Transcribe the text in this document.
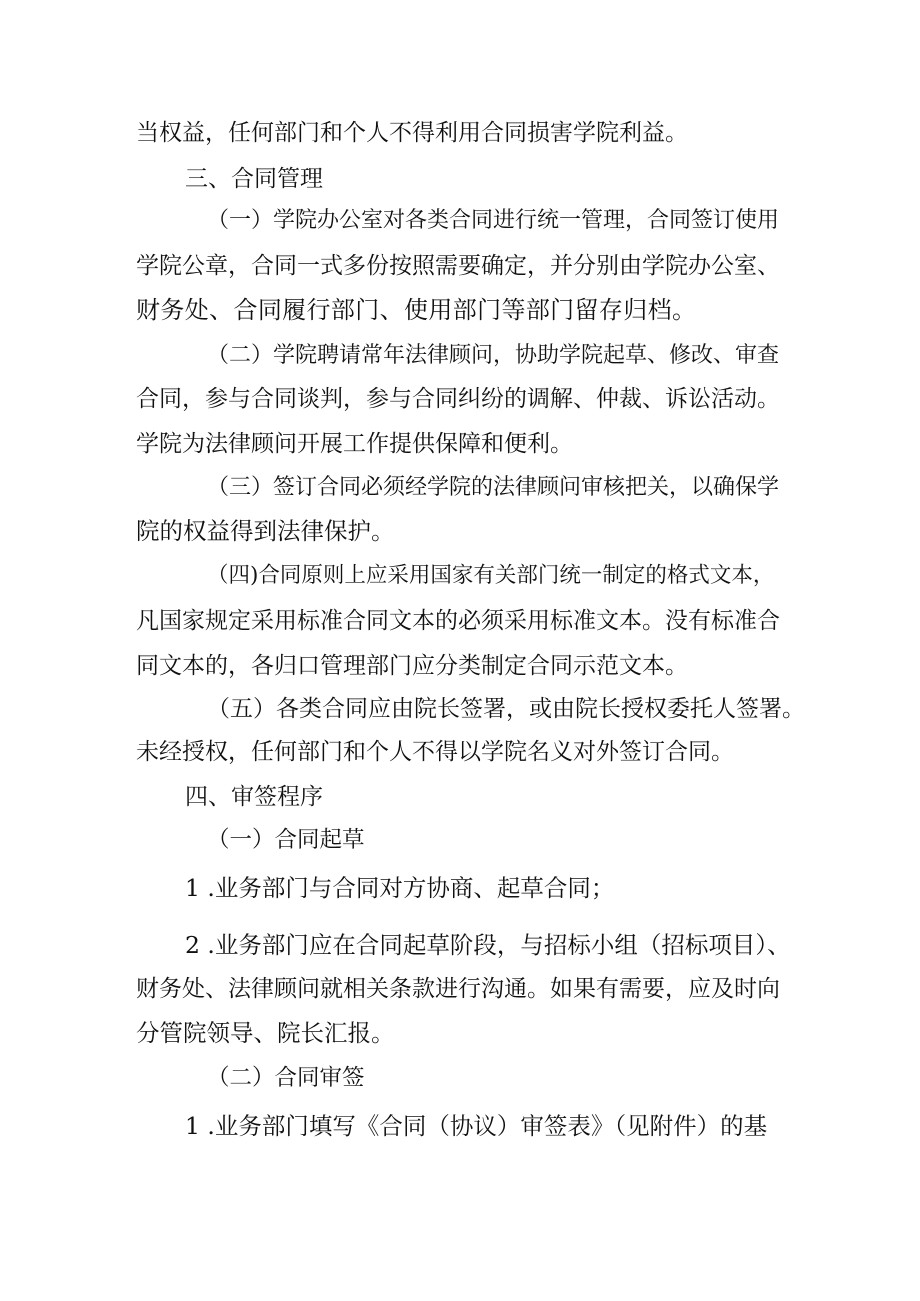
当权益，任何部门和个人不得利用合同损害学院利益。
三、合同管理
（一）学院办公室对各类合同进行统一管理，合同签订使用
学院公章，合同一式多份按照需要确定，并分别由学院办公室、
财务处、合同履行部门、使用部门等部门留存归档。
（二）学院聘请常年法律顾问，协助学院起草、修改、审查
合同，参与合同谈判，参与合同纠纷的调解、仲裁、诉讼活动。
学院为法律顾问开展工作提供保障和便利。
（三）签订合同必须经学院的法律顾问审核把关，以确保学
院的权益得到法律保护。
（四)合同原则上应采用国家有关部门统一制定的格式文本，
凡国家规定采用标准合同文本的必须采用标准文本。没有标准合
同文本的，各归口管理部门应分类制定合同示范文本。
（五）各类合同应由院长签署，或由院长授权委托人签署。
未经授权，任何部门和个人不得以学院名义对外签订合同。
四、审签程序
（一）合同起草
1 .业务部门与合同对方协商、起草合同；
2 .业务部门应在合同起草阶段，与招标小组（招标项目）、
财务处、法律顾问就相关条款进行沟通。如果有需要，应及时向
分管院领导、院长汇报。
（二）合同审签
1 .业务部门填写《合同（协议）审签表》（见附件）的基
